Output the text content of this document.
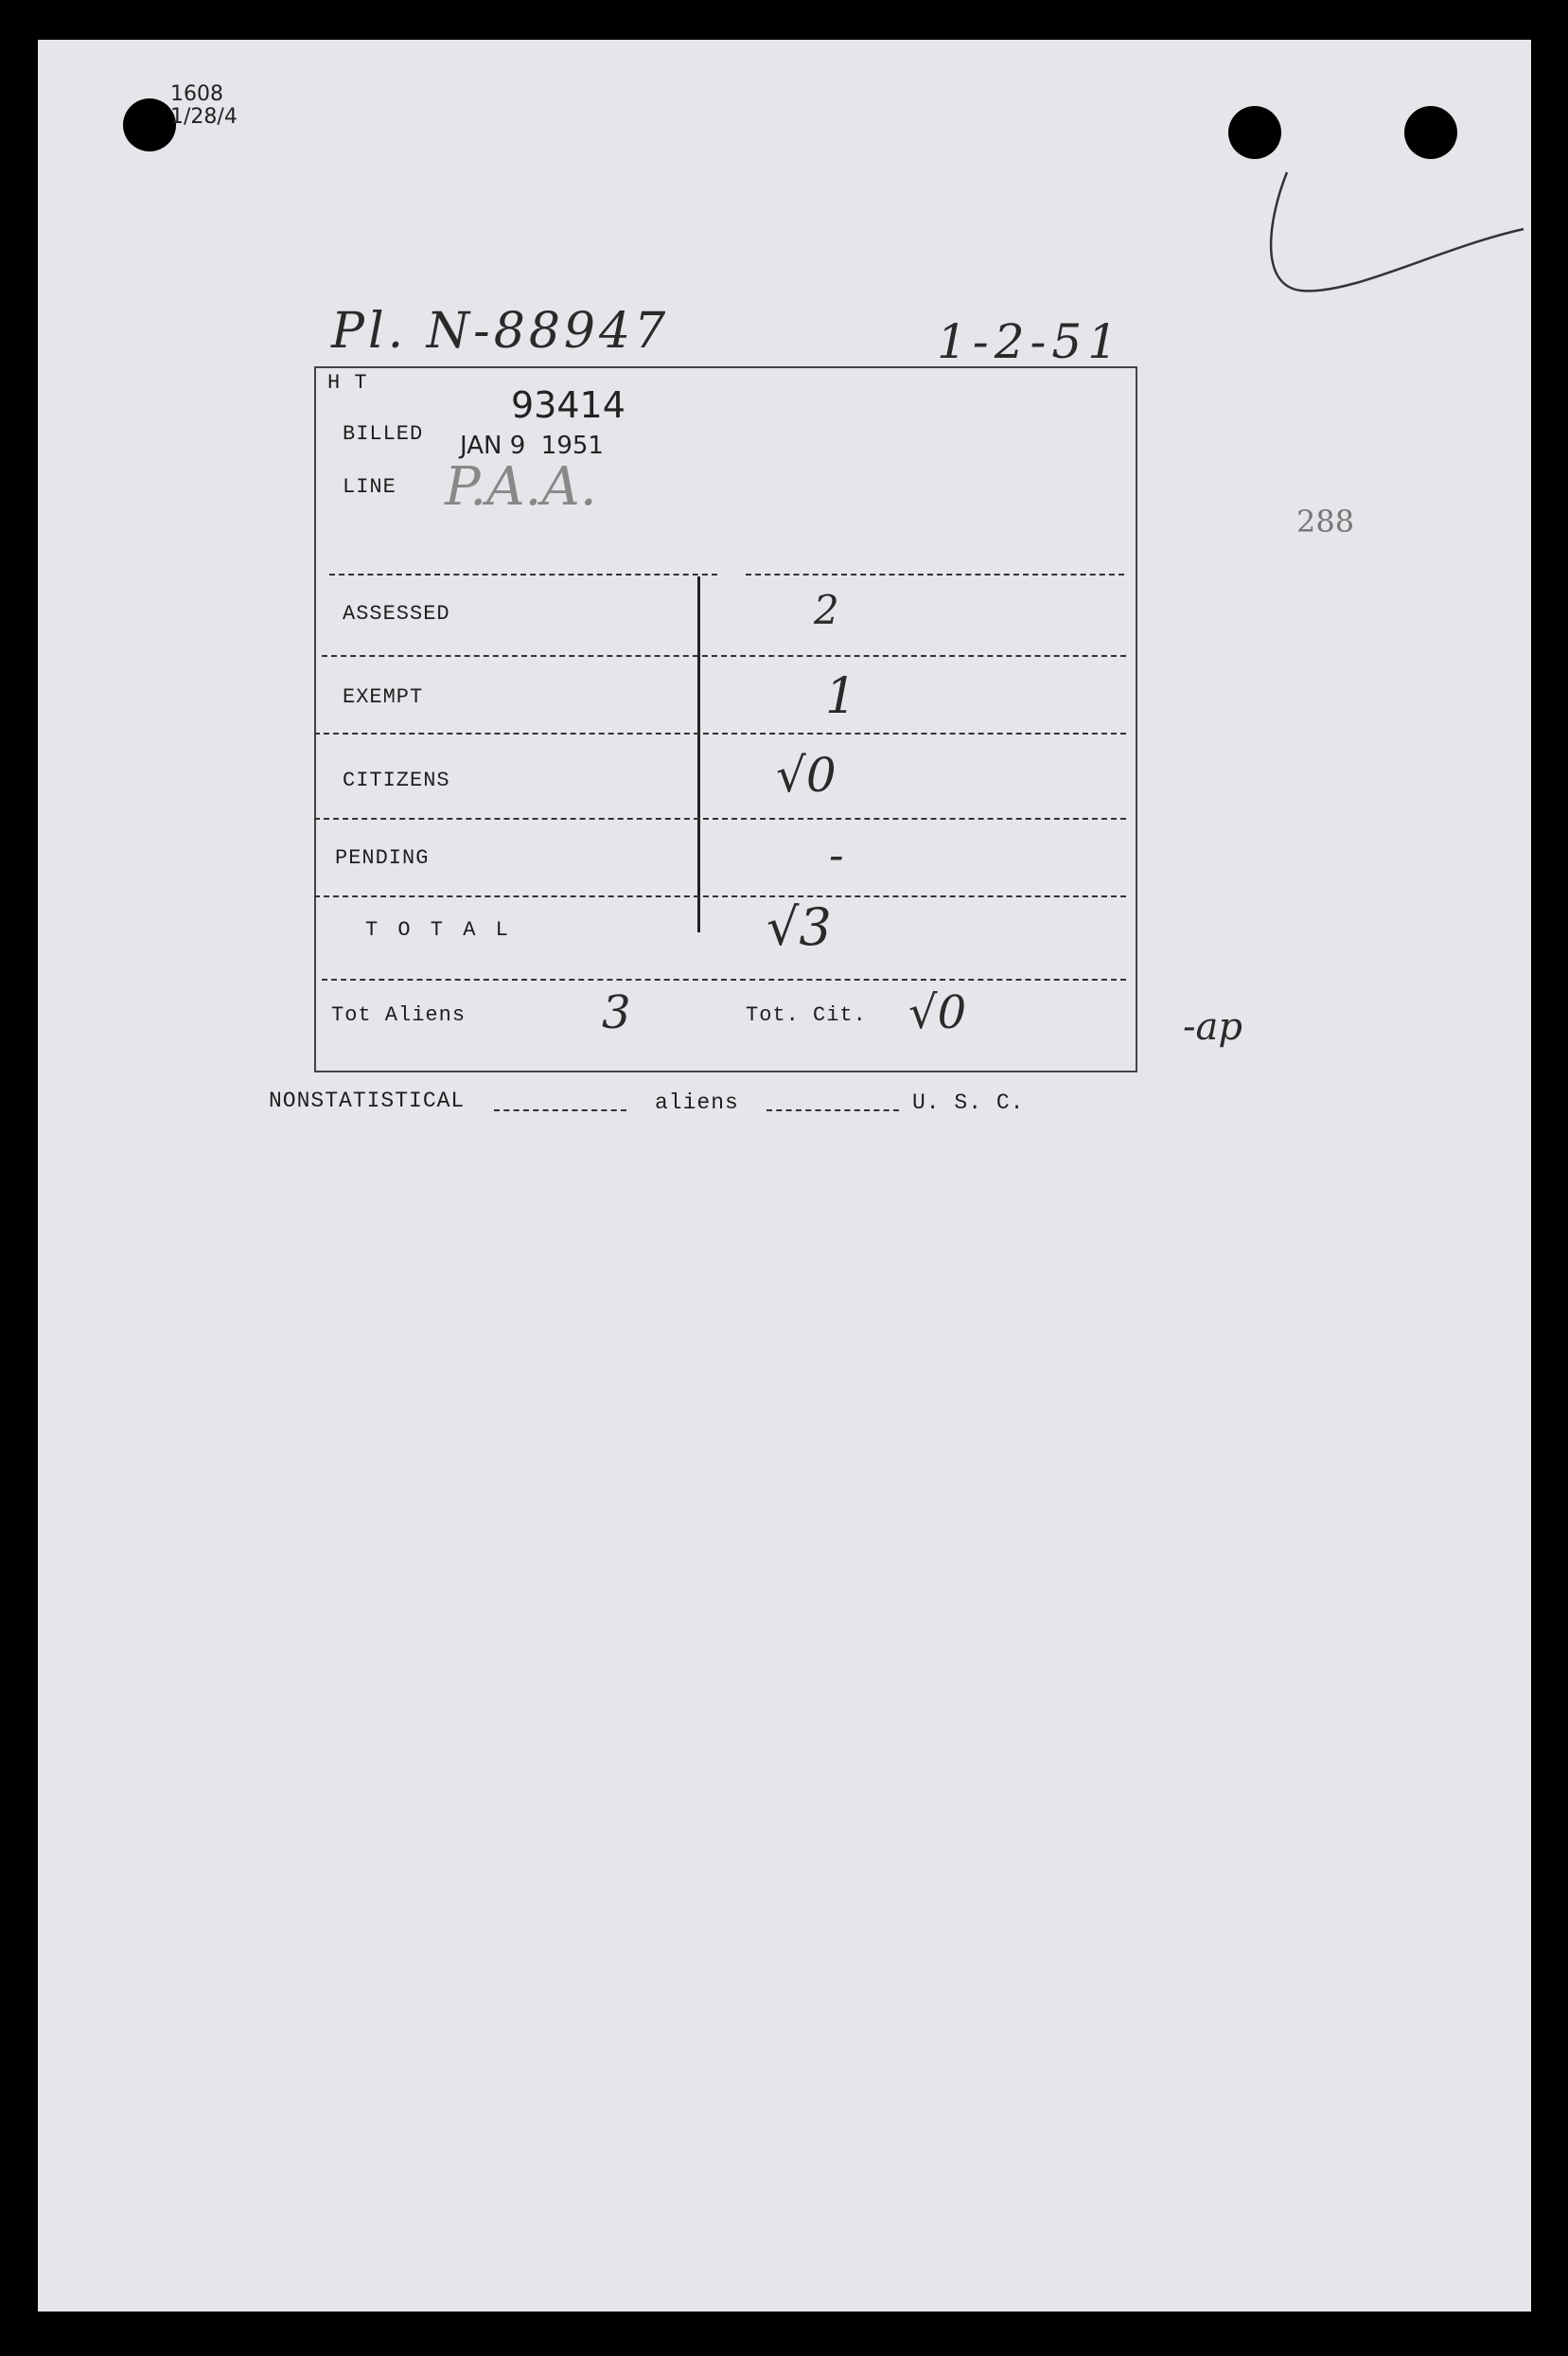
1608
1/28/4
Pl. N-88947	1-2-51
288
H T
BILLED
93414
JAN 9  1951
LINE P.A.A.
ASSESSED	2
EXEMPT	1
CITIZENS	√0
PENDING	-
T O T A L	√3
Tot Aliens	3	Tot. Cit. √0	-ap
NONSTATISTICAL	aliens	U. S. C.
